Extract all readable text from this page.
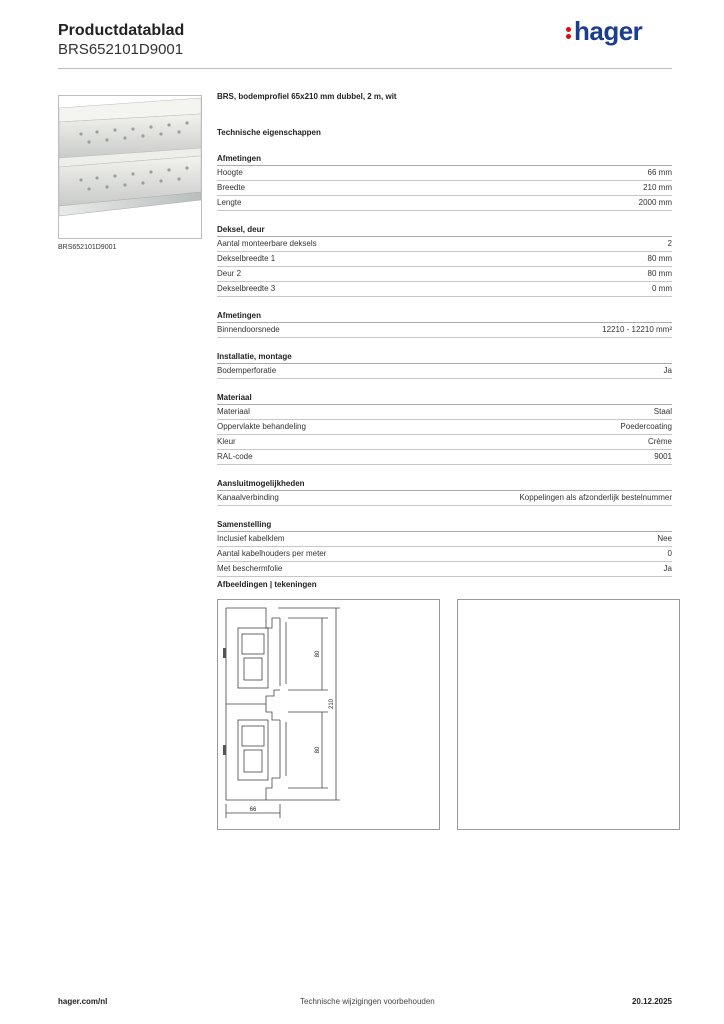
Productdatablad
BRS652101D9001
hager
BRS652101D9001
BRS, bodemprofiel 65x210 mm dubbel, 2 m, wit
Technische eigenschappen
Afmetingen
Hoogte	66 mm
Breedte	210 mm
Lengte	2000 mm
Deksel, deur
Aantal monteerbare deksels	2
Dekselbreedte 1	80 mm
Deur 2	80 mm
Dekselbreedte 3	0 mm
Afmetingen
Binnendoorsnede	12210 - 12210 mm²
Installatie, montage
Bodemperforatie	Ja
Materiaal
Materiaal	Staal
Oppervlakte behandeling	Poedercoating
Kleur	Crème
RAL-code	9001
Aansluitmogelijkheden
Kanaalverbinding	Koppelingen als afzonderlijk bestelnummer
Samenstelling
Inclusief kabelklem	Nee
Aantal kabelhouders per meter	0
Met beschermfolie	Ja
Afbeeldingen | tekeningen
80
210
80
66
hager.com/nl	Technische wijzigingen voorbehouden	20.12.2025
